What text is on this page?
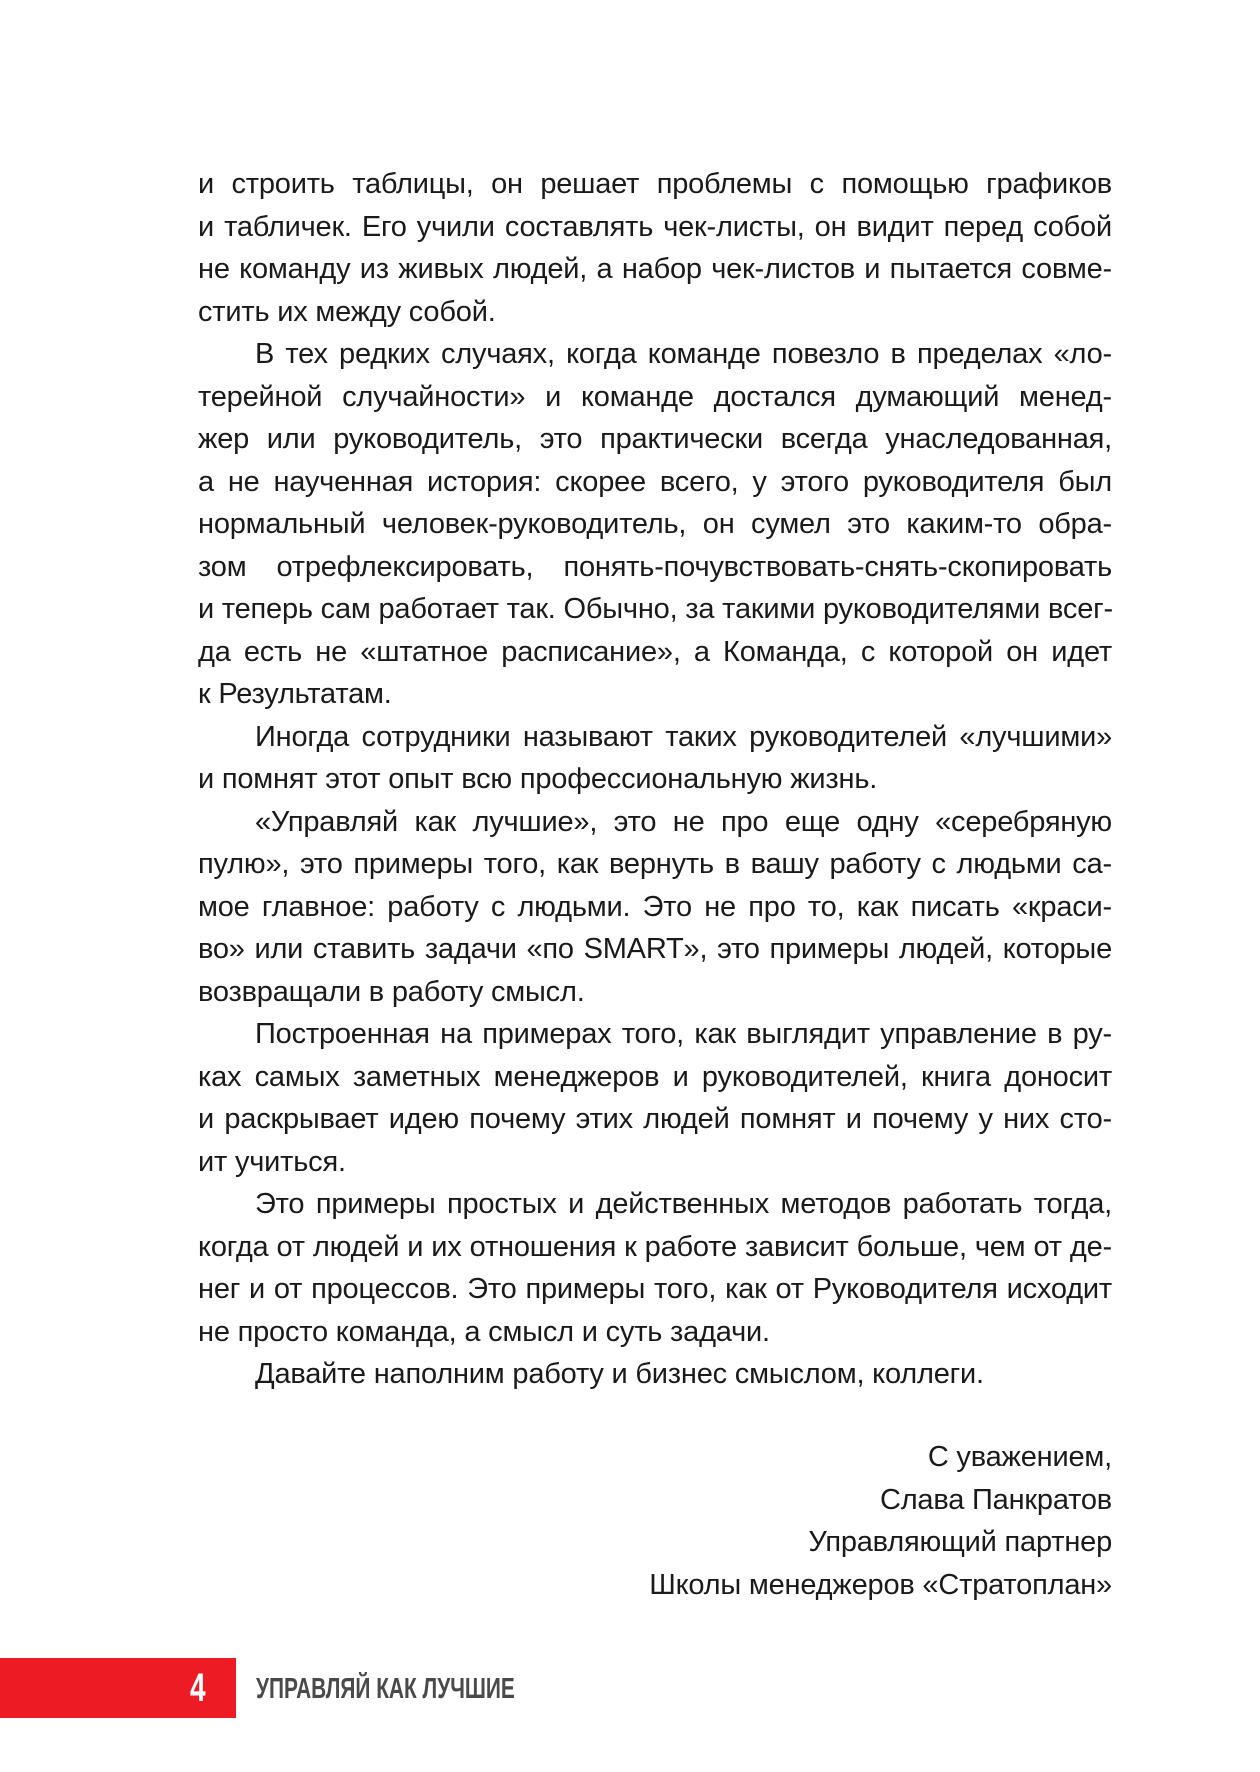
и строить таблицы, он решает проблемы с помощью графиков
и табличек. Его учили составлять чек-листы, он видит перед собой
не команду из живых людей, а набор чек-листов и пытается совме-
стить их между собой.
В тех редких случаях, когда команде повезло в пределах «ло-
терейной случайности» и команде достался думающий менед-
жер или руководитель, это практически всегда унаследованная,
а не наученная история: скорее всего, у этого руководителя был
нормальный человек-руководитель, он сумел это каким-то обра-
зом отрефлексировать, понять-почувствовать-снять-скопировать
и теперь сам работает так. Обычно, за такими руководителями всег-
да есть не «штатное расписание», а Команда, с которой он идет
к Результатам.
Иногда сотрудники называют таких руководителей «лучшими»
и помнят этот опыт всю профессиональную жизнь.
«Управляй как лучшие», это не про еще одну «серебряную
пулю», это примеры того, как вернуть в вашу работу с людьми са-
мое главное: работу с людьми. Это не про то, как писать «краси-
во» или ставить задачи «по SMART», это примеры людей, которые
возвращали в работу смысл.
Построенная на примерах того, как выглядит управление в ру-
ках самых заметных менеджеров и руководителей, книга доносит
и раскрывает идею почему этих людей помнят и почему у них сто-
ит учиться.
Это примеры простых и действенных методов работать тогда,
когда от людей и их отношения к работе зависит больше, чем от де-
нег и от процессов. Это примеры того, как от Руководителя исходит
не просто команда, а смысл и суть задачи.
Давайте наполним работу и бизнес смыслом, коллеги.
С уважением,
Слава Панкратов
Управляющий партнер
Школы менеджеров «Стратоплан»
4 УПРАВЛЯЙ КАК ЛУЧШИЕ
